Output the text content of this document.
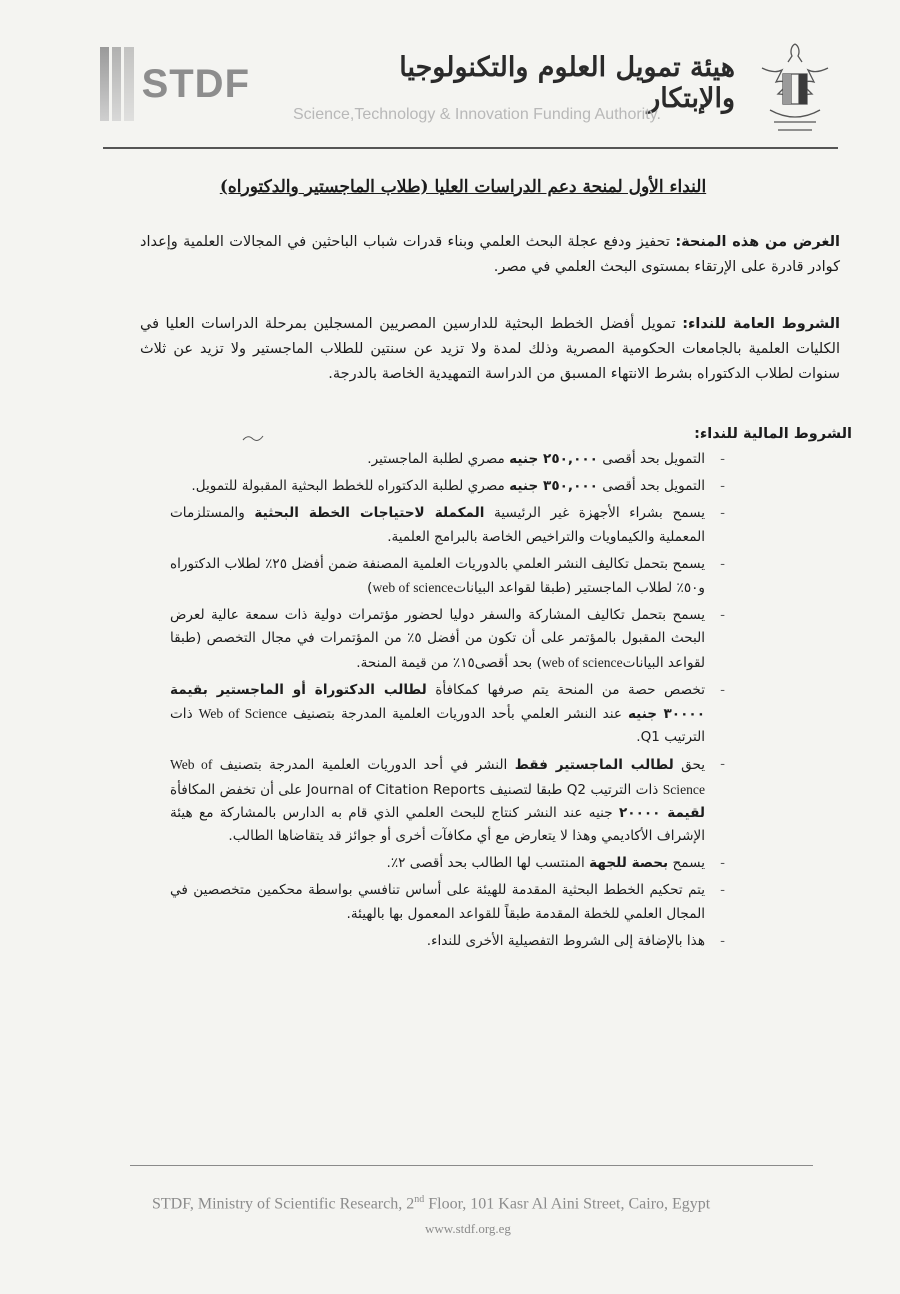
STDF	هيئة تمويل العلوم والتكنولوجيا والإبتكار
Science,Technology & Innovation Funding Authority.
النداء الأول لمنحة دعم الدراسات العليا (طلاب الماجستير والدكتوراه)
الغرض من هذه المنحة: تحفيز ودفع عجلة البحث العلمي وبناء قدرات شباب الباحثين في المجالات العلمية وإعداد كوادر قادرة على الإرتقاء بمستوى البحث العلمي في مصر.
الشروط العامة للنداء: تمويل أفضل الخطط البحثية للدارسين المصريين المسجلين بمرحلة الدراسات العليا في الكليات العلمية بالجامعات الحكومية المصرية وذلك لمدة ولا تزيد عن سنتين للطلاب الماجستير ولا تزيد عن ثلاث سنوات لطلاب الدكتوراه بشرط الانتهاء المسبق من الدراسة التمهيدية الخاصة بالدرجة.
الشروط المالية للنداء:
- التمويل بحد أقصى ٢٥٠,٠٠٠ جنيه مصري لطلبة الماجستير.
- التمويل بحد أقصى ٣٥٠,٠٠٠ جنيه مصري لطلبة الدكتوراه للخطط البحثية المقبولة للتمويل.
- يسمح بشراء الأجهزة غير الرئيسية المكملة لاحتياجات الخطة البحثية والمستلزمات المعملية والكيماويات والتراخيص الخاصة بالبرامج العلمية.
- يسمح بتحمل تكاليف النشر العلمي بالدوريات العلمية المصنفة ضمن أفضل ٢٥٪ لطلاب الدكتوراه و٥٠٪ لطلاب الماجستير (طبقا لقواعد البياناتweb of science)
- يسمح بتحمل تكاليف المشاركة والسفر دوليا لحضور مؤتمرات دولية ذات سمعة عالية لعرض البحث المقبول بالمؤتمر على أن تكون من أفضل ٥٪ من المؤتمرات في مجال التخصص (طبقا لقواعد البياناتweb of science) بحد أقصى١٥٪ من قيمة المنحة.
- تخصص حصة من المنحة يتم صرفها كمكافأة لطالب الدكتوراة أو الماجستير بقيمة ٣٠٠٠٠ جنيه عند النشر العلمي بأحد الدوريات العلمية المدرجة بتصنيف Web of Science ذات الترتيب Q1.
- يحق لطالب الماجستير فقط النشر في أحد الدوريات العلمية المدرجة بتصنيف Web of Science ذات الترتيب Q2 طبقا لتصنيف Journal of Citation Reports على أن تخفض المكافأة لقيمة ٢٠٠٠٠ جنيه عند النشر كنتاج للبحث العلمي الذي قام به الدارس بالمشاركة مع هيئة الإشراف الأكاديمي وهذا لا يتعارض مع أي مكافآت أخرى أو جوائز قد يتقاضاها الطالب.
- يسمح بحصة للجهة المنتسب لها الطالب بحد أقصى ٢٪.
- يتم تحكيم الخطط البحثية المقدمة للهيئة على أساس تنافسي بواسطة محكمين متخصصين في المجال العلمي للخطة المقدمة طبقاً للقواعد المعمول بها بالهيئة.
- هذا بالإضافة إلى الشروط التفصيلية الأخرى للنداء.
STDF, Ministry of Scientific Research, 2nd Floor, 101 Kasr Al Aini Street, Cairo, Egypt
www.stdf.org.eg
